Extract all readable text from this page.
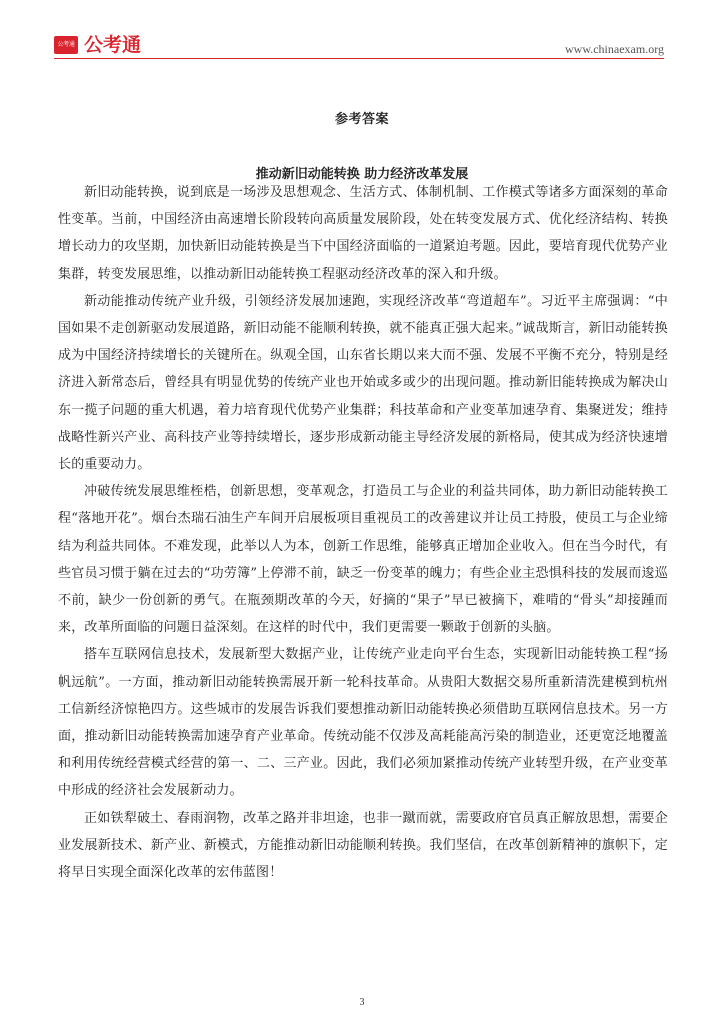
公考通 公考通	www.chinaexam.org
参考答案
推动新旧动能转换 助力经济改革发展

新旧动能转换，说到底是一场涉及思想观念、生活方式、体制机制、工作模式等诸多方面深刻的革命性变革。当前，中国经济由高速增长阶段转向高质量发展阶段，处在转变发展方式、优化经济结构、转换增长动力的攻坚期，加快新旧动能转换是当下中国经济面临的一道紧迫考题。因此，要培育现代优势产业集群，转变发展思维，以推动新旧动能转换工程驱动经济改革的深入和升级。

新动能推动传统产业升级，引领经济发展加速跑，实现经济改革“弯道超车”。习近平主席强调：“中国如果不走创新驱动发展道路，新旧动能不能顺利转换，就不能真正强大起来。”诚哉斯言，新旧动能转换成为中国经济持续增长的关键所在。纵观全国，山东省长期以来大而不强、发展不平衡不充分，特别是经济进入新常态后，曾经具有明显优势的传统产业也开始或多或少的出现问题。推动新旧能转换成为解决山东一揽子问题的重大机遇，着力培育现代优势产业集群；科技革命和产业变革加速孕育、集聚迸发；维持战略性新兴产业、高科技产业等持续增长，逐步形成新动能主导经济发展的新格局，使其成为经济快速增长的重要动力。

冲破传统发展思维桎梏，创新思想，变革观念，打造员工与企业的利益共同体，助力新旧动能转换工程“落地开花”。烟台杰瑞石油生产车间开启展板项目重视员工的改善建议并让员工持股，使员工与企业缔结为利益共同体。不难发现，此举以人为本，创新工作思维，能够真正增加企业收入。但在当今时代，有些官员习惯于躺在过去的“功劳簿”上停滞不前，缺乏一份变革的魄力；有些企业主恐惧科技的发展而逡巡不前，缺少一份创新的勇气。在瓶颈期改革的今天，好摘的“果子”早已被摘下，难啃的“骨头”却接踵而来，改革所面临的问题日益深刻。在这样的时代中，我们更需要一颗敢于创新的头脑。

搭车互联网信息技术，发展新型大数据产业，让传统产业走向平台生态，实现新旧动能转换工程“扬帆远航”。一方面，推动新旧动能转换需展开新一轮科技革命。从贵阳大数据交易所重新清洗建模到杭州工信新经济惊艳四方。这些城市的发展告诉我们要想推动新旧动能转换必须借助互联网信息技术。另一方面，推动新旧动能转换需加速孕育产业革命。传统动能不仅涉及高耗能高污染的制造业，还更宽泛地覆盖和利用传统经营模式经营的第一、二、三产业。因此，我们必须加紧推动传统产业转型升级，在产业变革中形成的经济社会发展新动力。

正如铁犁破土、春雨润物，改革之路并非坦途，也非一蹴而就，需要政府官员真正解放思想，需要企业发展新技术、新产业、新模式，方能推动新旧动能顺利转换。我们坚信，在改革创新精神的旗帜下，定将早日实现全面深化改革的宏伟蓝图！

3
